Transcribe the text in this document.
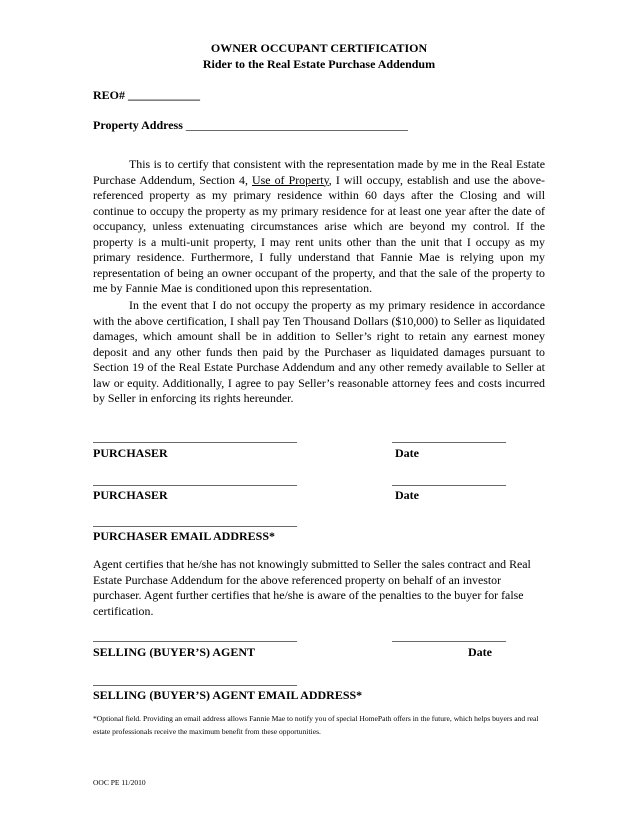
OWNER OCCUPANT CERTIFICATION
Rider to the Real Estate Purchase Addendum
REO# ____________
Property Address _____________________________________

This is to certify that consistent with the representation made by me in the Real Estate Purchase Addendum, Section 4, Use of Property, I will occupy, establish and use the above-referenced property as my primary residence within 60 days after the Closing and will continue to occupy the property as my primary residence for at least one year after the date of occupancy, unless extenuating circumstances arise which are beyond my control. If the property is a multi-unit property, I may rent units other than the unit that I occupy as my primary residence. Furthermore, I fully understand that Fannie Mae is relying upon my representation of being an owner occupant of the property, and that the sale of the property to me by Fannie Mae is conditioned upon this representation.

In the event that I do not occupy the property as my primary residence in accordance with the above certification, I shall pay Ten Thousand Dollars ($10,000) to Seller as liquidated damages, which amount shall be in addition to Seller’s right to retain any earnest money deposit and any other funds then paid by the Purchaser as liquidated damages pursuant to Section 19 of the Real Estate Purchase Addendum and any other remedy available to Seller at law or equity. Additionally, I agree to pay Seller’s reasonable attorney fees and costs incurred by Seller in enforcing its rights hereunder.

__________________________________	___________________
PURCHASER	Date
__________________________________	___________________
PURCHASER	Date
__________________________________
PURCHASER EMAIL ADDRESS*
Agent certifies that he/she has not knowingly submitted to Seller the sales contract and Real Estate Purchase Addendum for the above referenced property on behalf of an investor purchaser. Agent further certifies that he/she is aware of the penalties to the buyer for false certification.
__________________________________	___________________
SELLING (BUYER’S) AGENT	Date
__________________________________
SELLING (BUYER’S) AGENT EMAIL ADDRESS*
*Optional field. Providing an email address allows Fannie Mae to notify you of special HomePath offers in the future, which helps buyers and real estate professionals receive the maximum benefit from these opportunities.
OOC PE 11/2010
